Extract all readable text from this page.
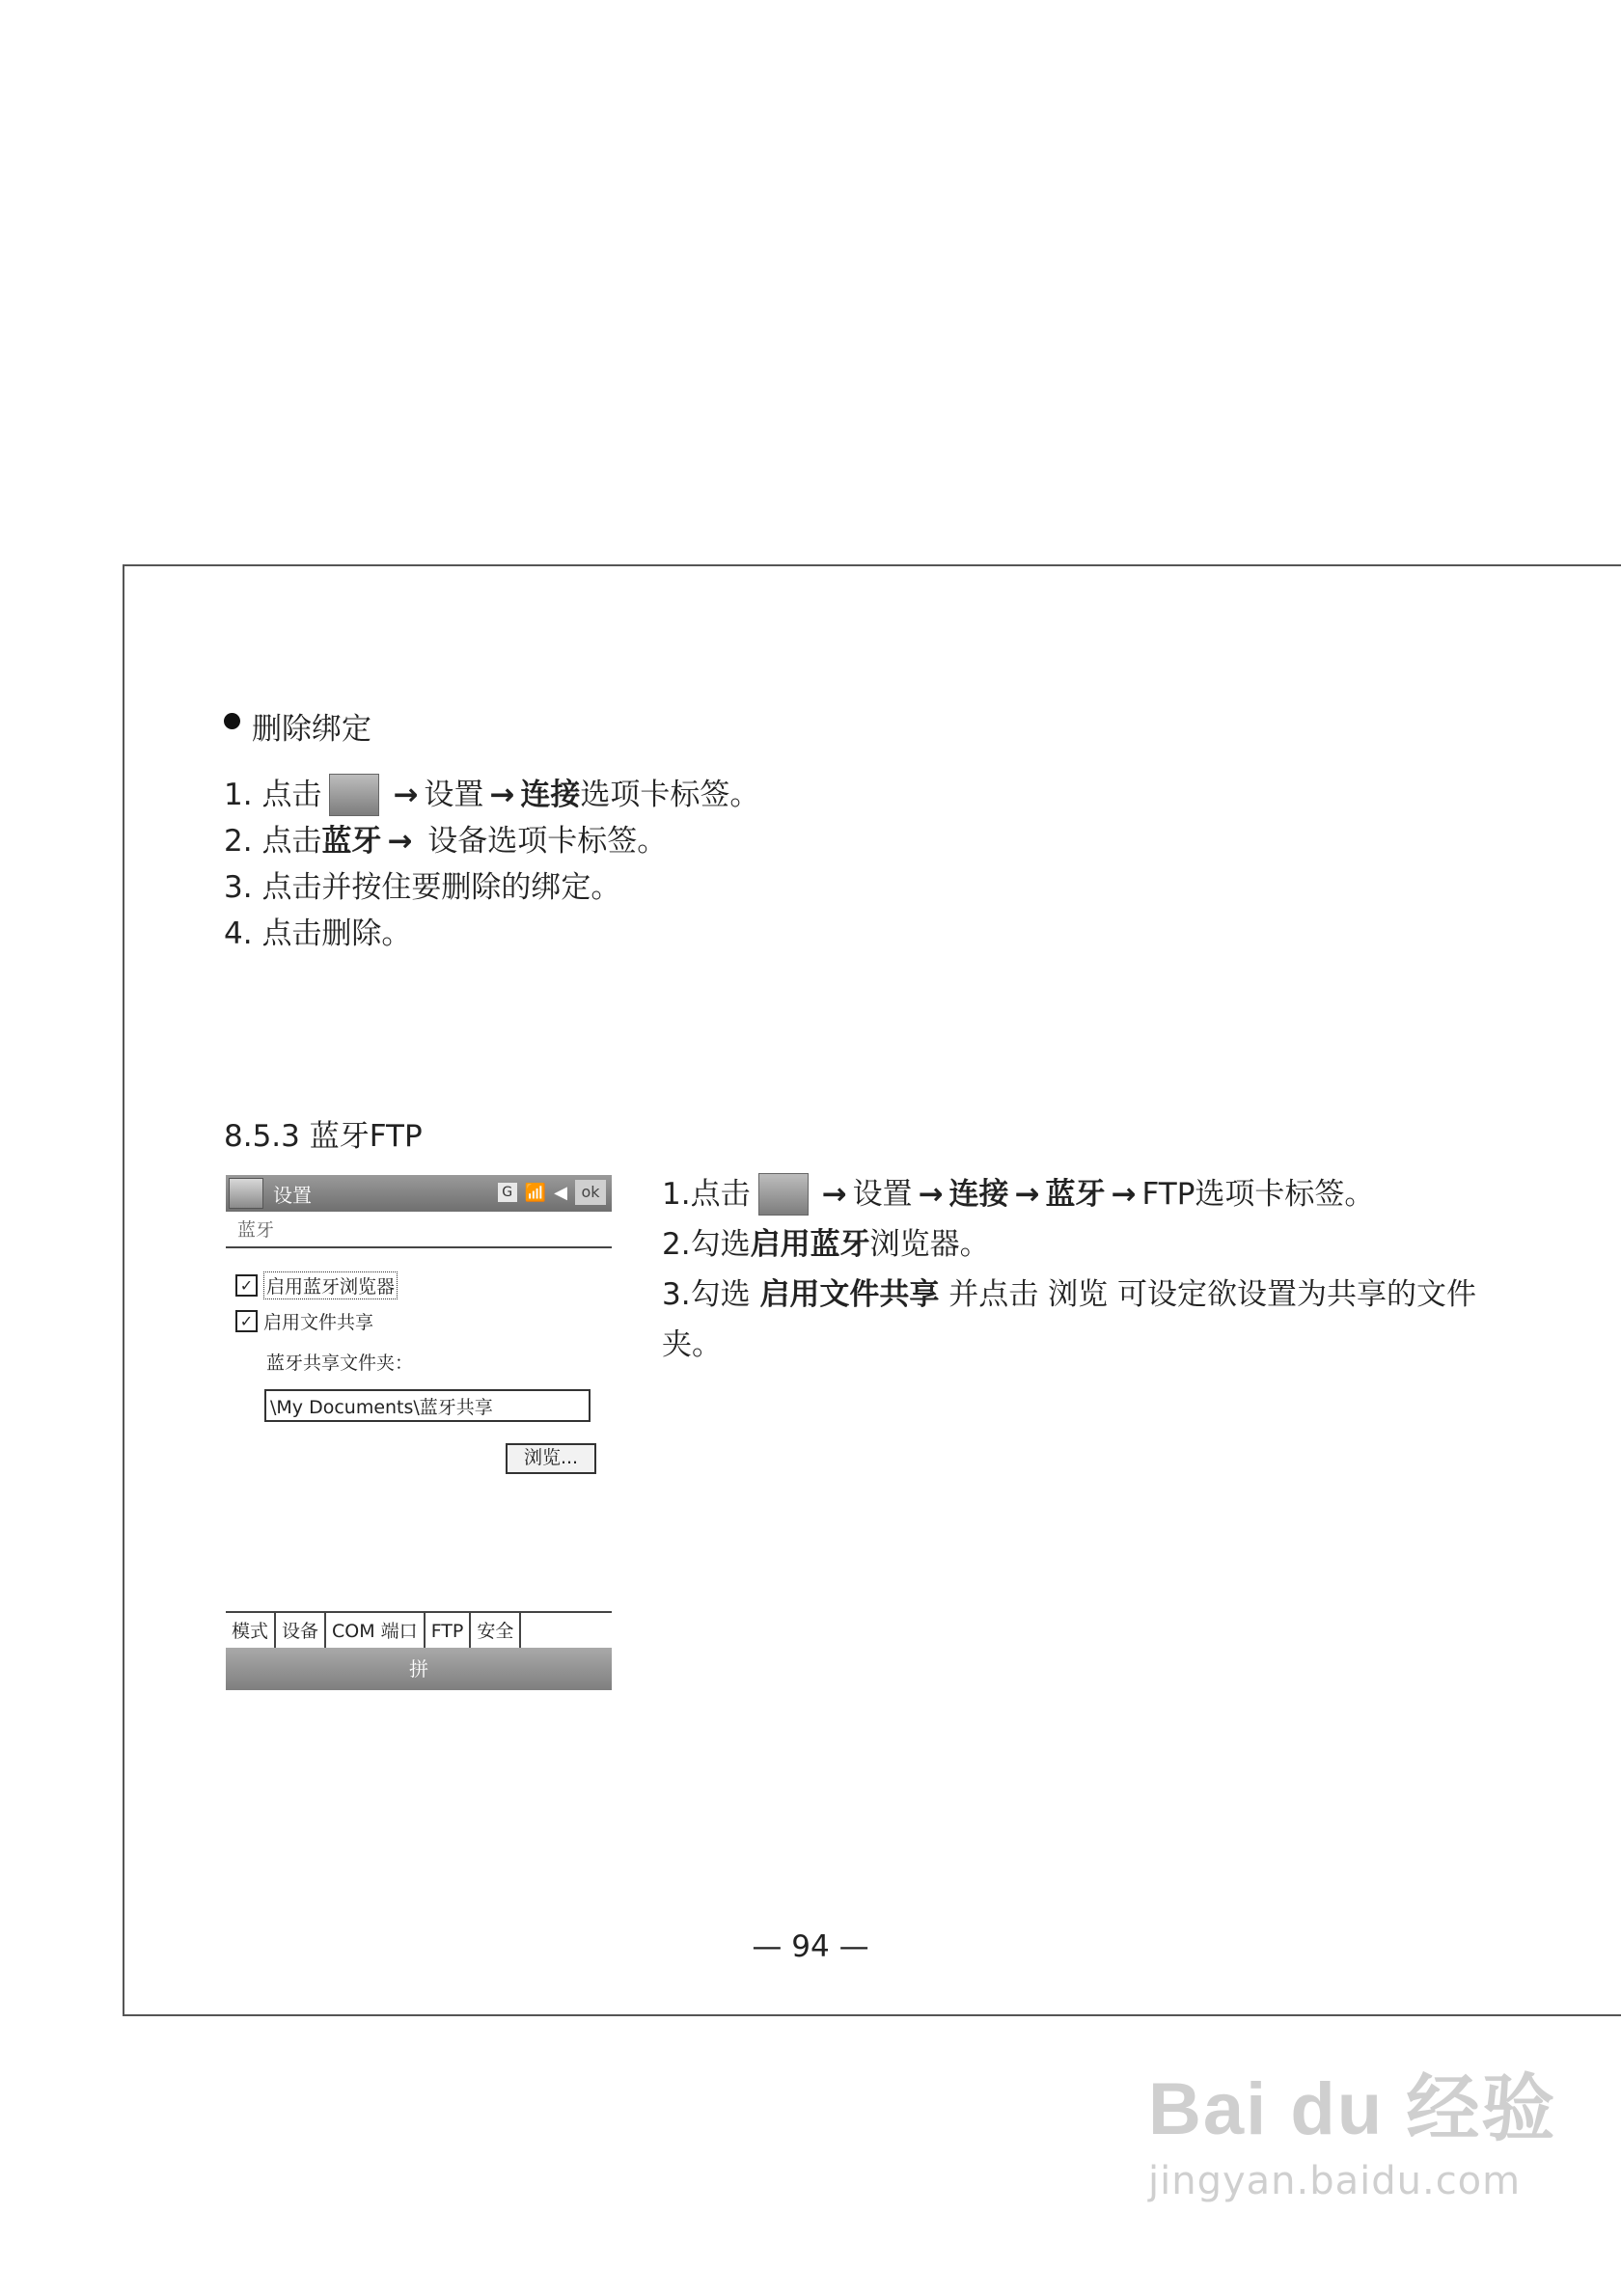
删除绑定
1.
点击 → 设置 → 连接 选项卡标签。
2.
点击 蓝牙 →
设备选项卡标签。
3.
点击并按住要删除的绑定。
4.
点击删除。
8.5.3 蓝牙FTP
设置	G 📶 ◀ ok
蓝牙
✓ 启用蓝牙浏览器
✓ 启用文件共享
蓝牙共享文件夹：
\My Documents\蓝牙共享
浏览...
模式 设备 COM 端口 FTP 安全
拼
1. 点击 → 设置 → 连接 → 蓝牙 → FTP选项卡标签。
2. 勾选 启用蓝牙 浏览器。
3.勾选 启用文件共享 并点击 浏览 可设定欲设置为共享的文件夹。
— 94 —
Bai du 经验
jingyan.baidu.com
